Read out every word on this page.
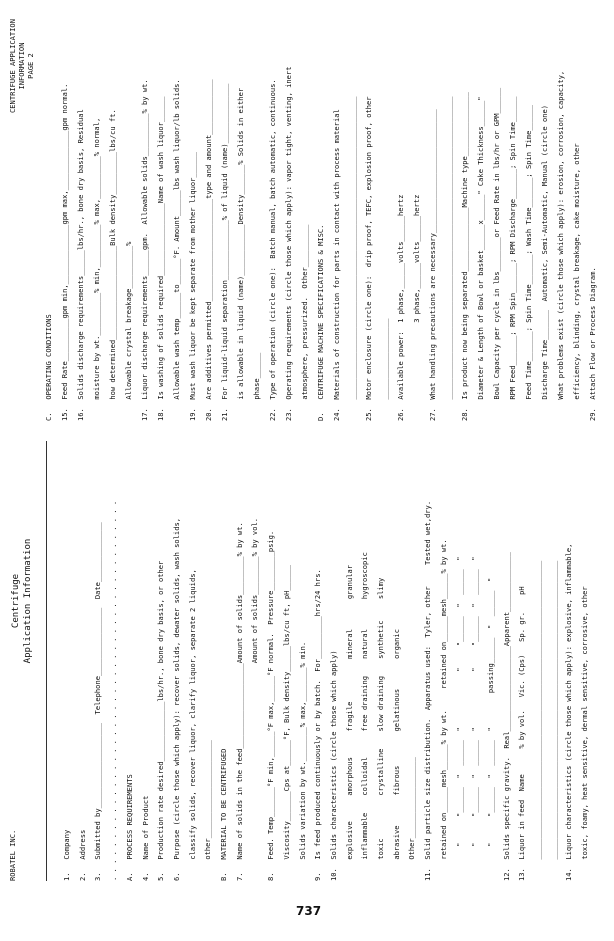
ROBATEL INC.
Centrifuge Application Information
1.   Company 2.   Address 3.   Submitted by____________________  Telephone________________  Date______________ . . . . . . . . . . . . . . . . . . . . . . . . . . . . . . . . . . . . . . . . . . . . . A.   PROCESS REQUIREMENTS 4.   Name of Product 5.   Production rate desired______________lbs/hr., bone dry basis, or other 6.   Purpose (circle those which apply): recover solids, dewater solids, wash solids, classify solids, recover liquor, clarify liquor, separate 2 liquids, other_______________________ B.   MATERIAL TO BE CENTRIFUGED 7.   Name of solids in the feed____________________Amount of solids_________% by wt. Amount of solids_________% by vol. 8.   Feed. Temp_______°F min,______°F max,______°F normal.  Pressure_________psig. Viscosity_______Cps at______°F, Bulk density______lbs/cu ft, pH______ Solids variation by wt.________% max,________% min. 9.   Is feed produced continuously or by batch.  For__________hrs/24 hrs. 10.  Solids characteristics (circle those which apply) explosive      amorphous      fragile          mineral       granular inflammable    colloidal      free draining    natural       hygroscopic toxic          crystalline    slow draining    synthetic     slimy abrasive       fibrous        gelatinous       organic Other___________________ 11.  Solid particle size distribution.  Apparatus used:  Tyler, other     Tested wet,dry. retained on______mesh______% by wt.     retained on______mesh______% by wt. "      "______  "  ______  "             "     "______  "  ______  " "      "______  "  ______  "             "     "______  "  ______  " "      "______  "  ______  "        passing______  "  ______  " 12.  Solids specific gravity.  Real____________________Apparent______________ 13.  Liquor in feed  Name      % by vol.   Vic. (Cps)   Sp. gr.    pH ______________________________________________________________________ ______________________________________________________________________ 14.  Liquor characteristics (circle those which apply): explosive, inflammable, toxic, foamy, heat sensitive, dermal sensitive, corrosive, other
CENTRIFUGE APPLICATION INFORMATION PAGE 2
C.   OPERATING CONDITIONS 15.  Feed Rate__________gpm min,______________gpm max,______________gpm normal. 16.  Solids discharge requirements______lbs/hr., bone dry basis, Residual moisture by wt.__________% min,__________% max,__________% normal, how determined______________________Bulk density__________lbs/cu ft. Allowable crystal breakage__________% 17.  Liquor discharge requirements______gpm.  Allowable solids__________% by wt. 18.  Is washing of solids required_________________Name of wash liquor______ Allowable wash temp______to______°F. Amount______lbs wash liquor/lb solids. 19.  Must wash liquor be kept separate from mother liquor______ 20.  Are additives permitted________________________type and amount_____________ 21.  For liquid-liquid separation______________% of liquid (name)______________ is allowable in liquid (name)____________Density_______% Solids in either phase______ 22.  Type of operation (circle one):  Batch manual, batch automatic, continuous. 23.  Operating requirements (circle those which apply): vapor tight, venting, inert atmosphere, pressurized.  Other__________ D.   CENTRIFUGE MACHINE SPECIFICATIONS & MISC. 24.  Materials of construction for parts in contact with process material _______________________________________________________________________ 25.  Motor enclosure (circle one):  drip proof, TEFC, explosion proof, other ___________________ 26.  Available power:  1 phase,______volts______hertz 3 phase,______volts______hertz 27.  What handling precautions are necessary_____________________________ _______________________________________________________________________ 28.  Is product now being separated_______________Machine type_______________ Diameter & Length of Bowl or basket______x______" Cake Thickness______" Bowl Capacity per cycle in lbs________or Feed Rate in lbs/hr or GPM______ RPM Feed_______; RPM Spin_______; RPM Discharge_______; Spin Time______ Feed Time_______; Spin Time_______; Wash Time_______; Spin Time______ Discharge Time_______  Automatic, Semi-Automatic, Manual (circle one) What problems exist (circle those which apply): erosion, corrosion, capacity, efficiency, blinding, crystal breakage, cake moisture, other 29.  Attach Flow or Process Diagram.
737
